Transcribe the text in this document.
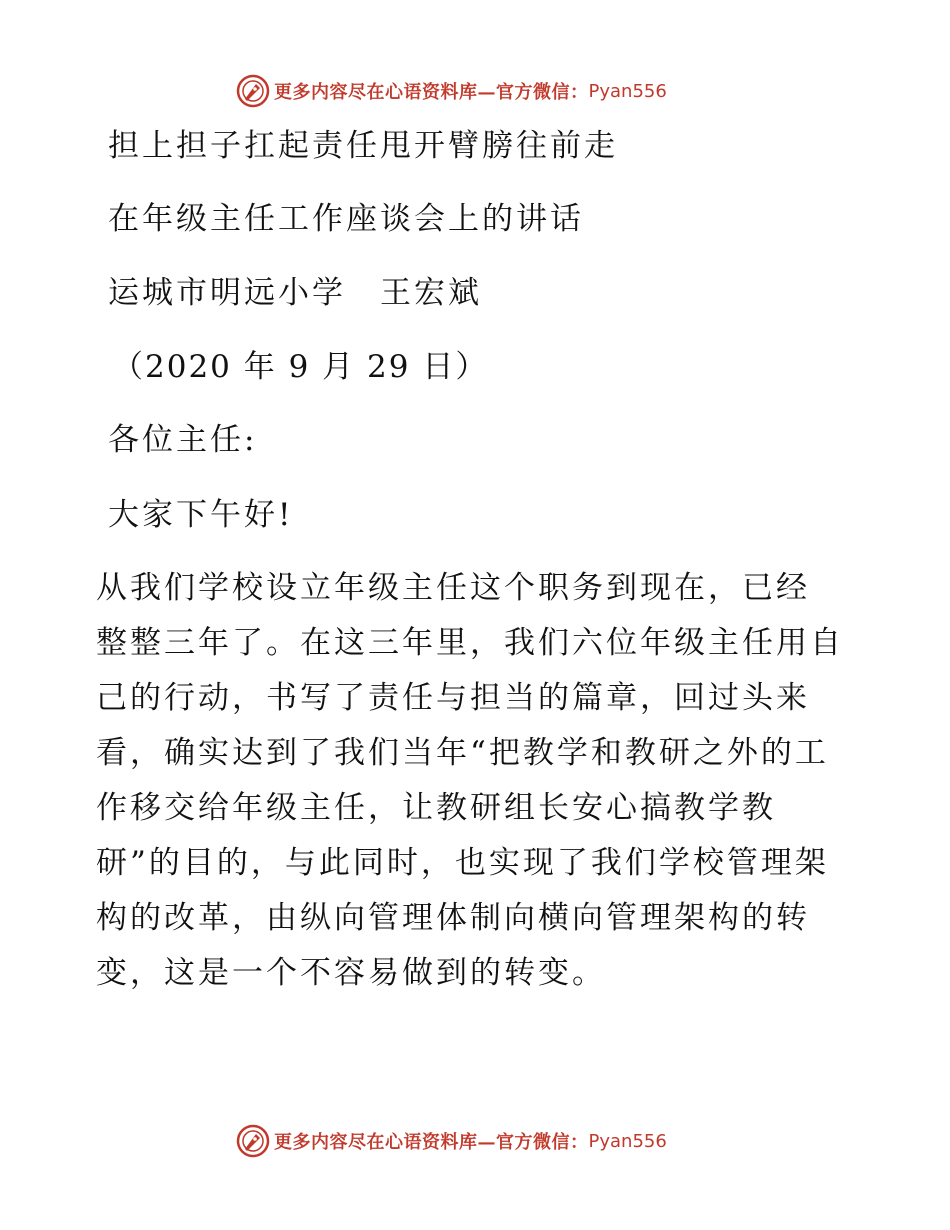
更多内容尽在心语资料库—官方微信： Pyan556
担上担子扛起责任甩开臂膀往前走
在年级主任工作座谈会上的讲话
运城市明远小学　王宏斌
（2020 年 9 月 29 日）
各位主任:
大家下午好!
从我们学校设立年级主任这个职务到现在，已经
整整三年了。在这三年里，我们六位年级主任用自
己的行动，书写了责任与担当的篇章，回过头来
看，确实达到了我们当年“把教学和教研之外的工
作移交给年级主任，让教研组长安心搞教学教
研”的目的，与此同时，也实现了我们学校管理架
构的改革，由纵向管理体制向横向管理架构的转
变，这是一个不容易做到的转变。
更多内容尽在心语资料库—官方微信： Pyan556
